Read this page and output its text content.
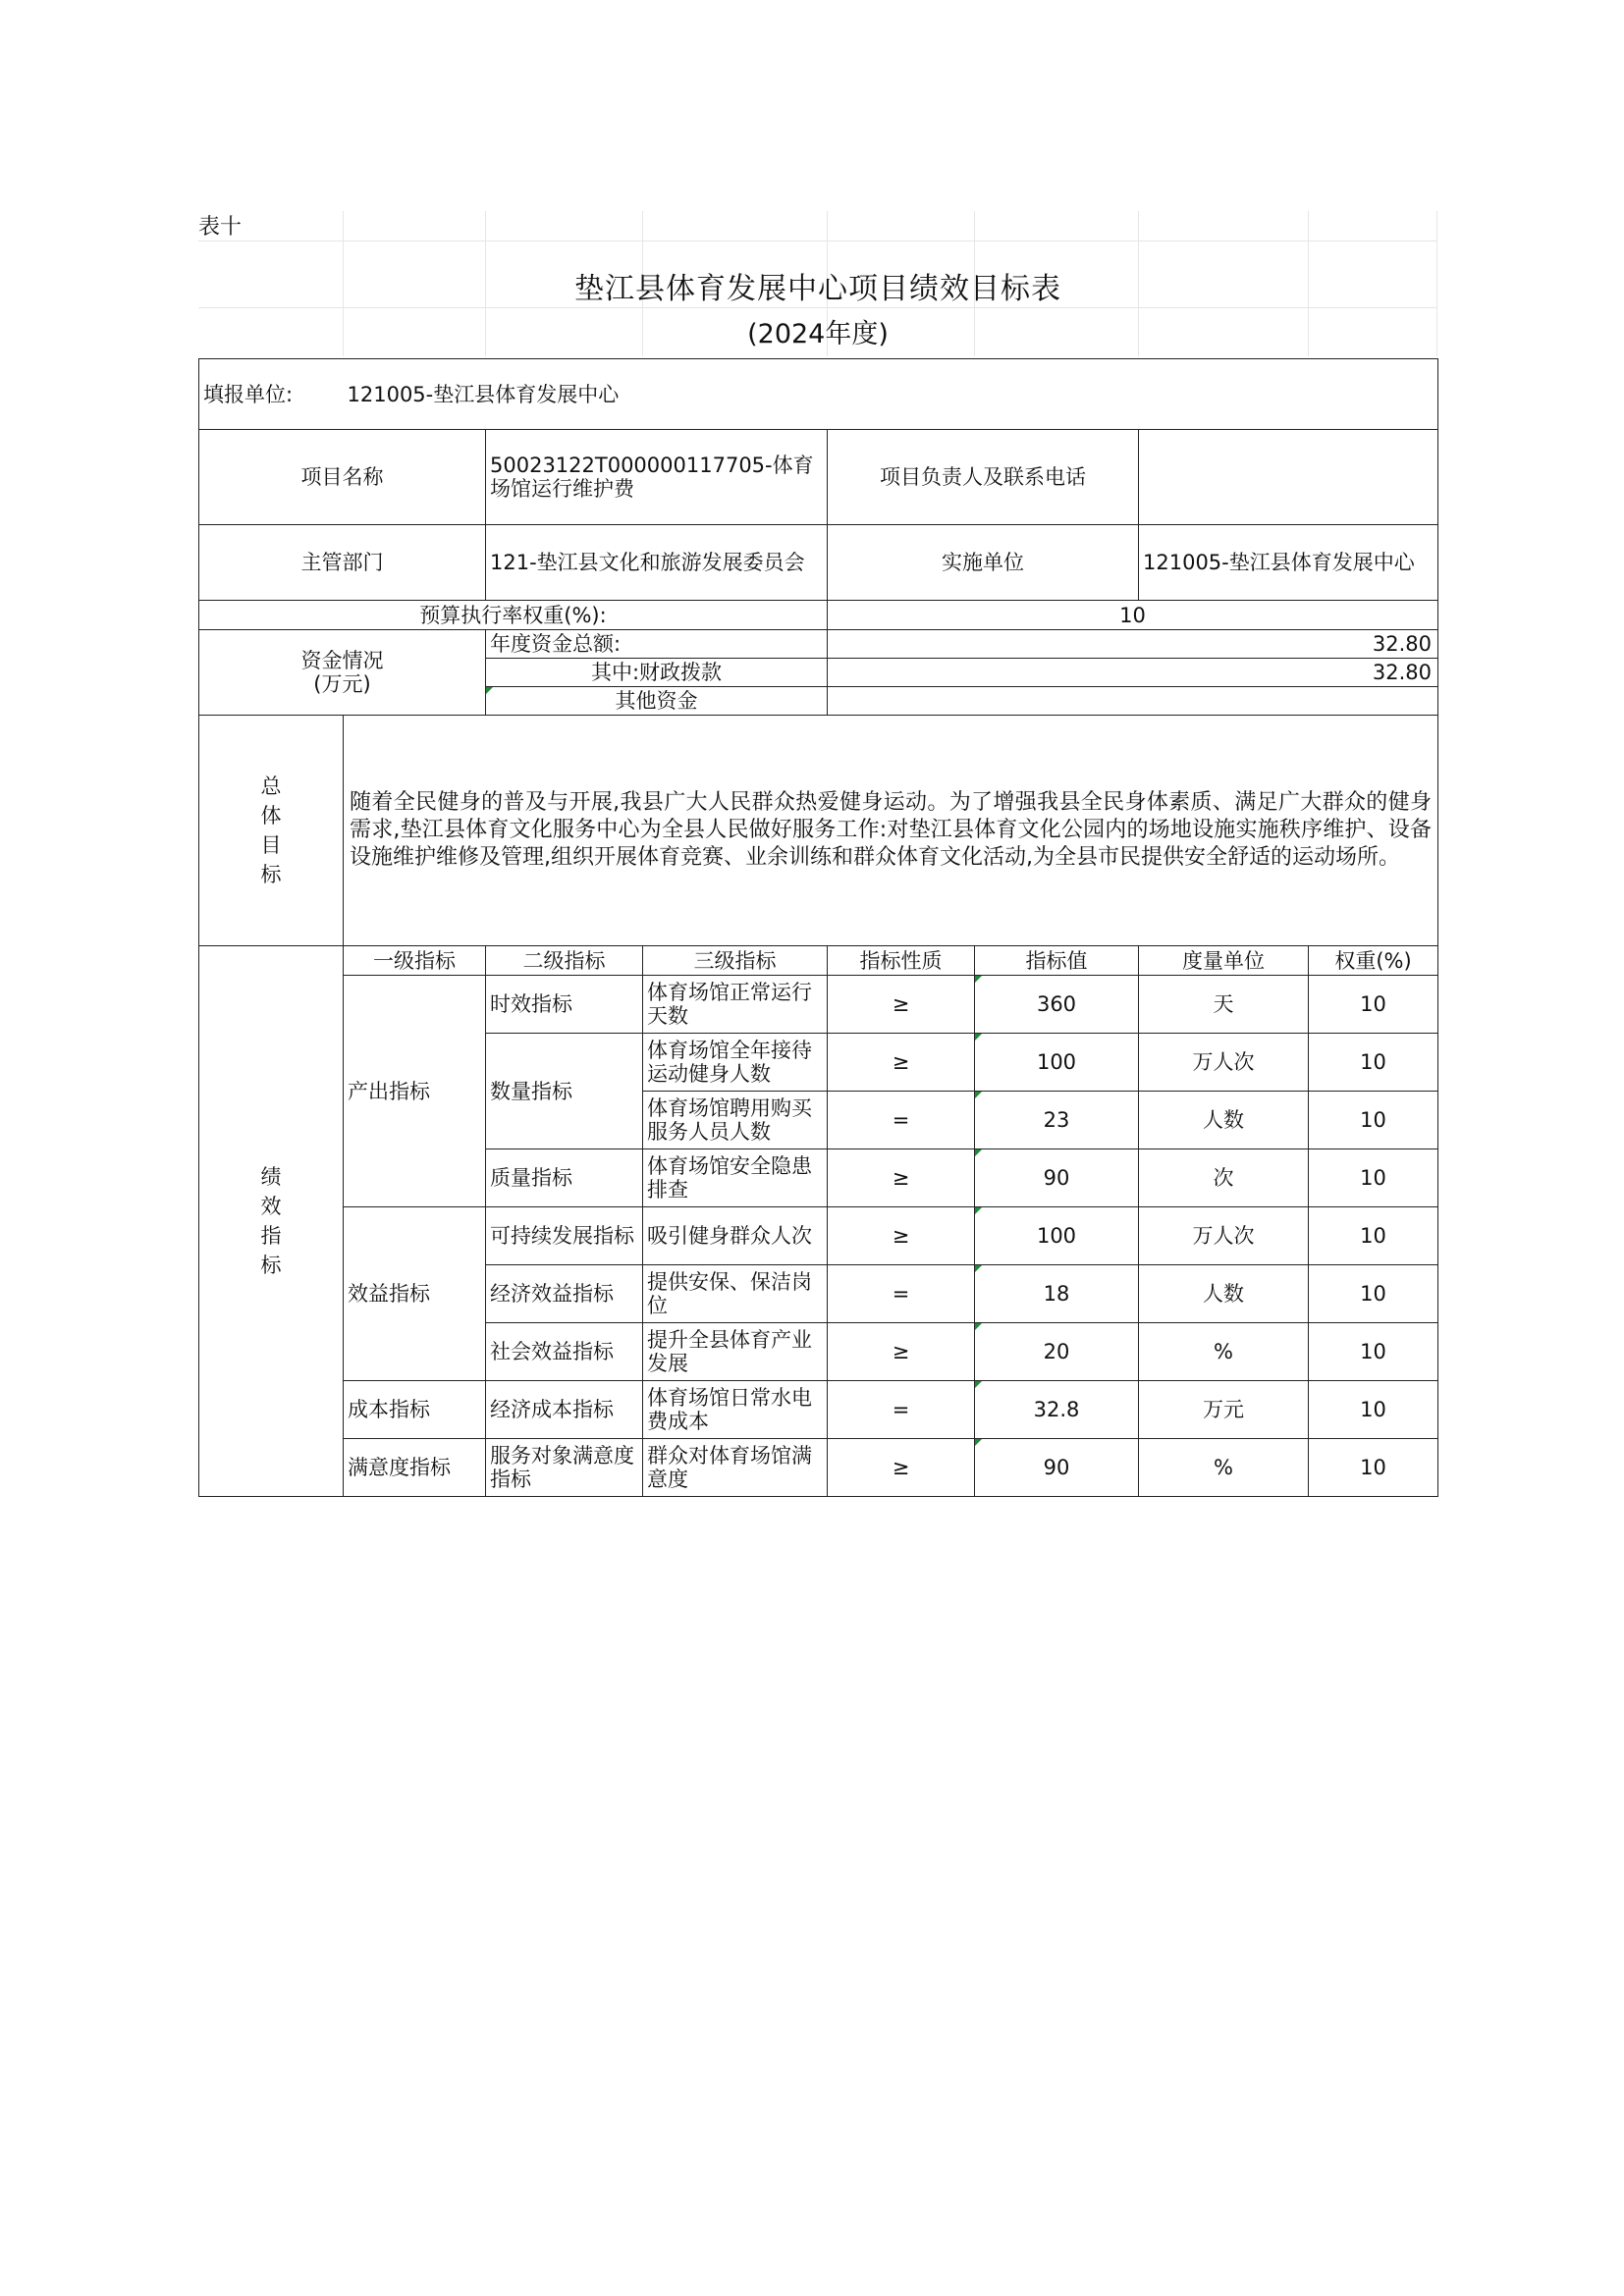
表十
垫江县体育发展中心项目绩效目标表
(2024年度)
填报单位:	121005-垫江县体育发展中心						
项目名称		50023122T000000117705-体育场馆运行维护费		项目负责人及联系电话			
主管部门		121-垫江县文化和旅游发展委员会		实施单位		121005-垫江县体育发展中心	
预算执行率权重(%):				10			

资金情况
(万元)		年度资金总额:		32.80			
		其中:财政拨款		32.80			
		其他资金					

总
体
目
标	随着全民健身的普及与开展,我县广大人民群众热爱健身运动。为了增强我县全民身体素质、满足广大群众的健身需求,垫江县体育文化服务中心为全县人民做好服务工作:对垫江县体育文化公园内的场地设施实施秩序维护、设备设施维护维修及管理,组织开展体育竞赛、业余训练和群众体育文化活动,为全县市民提供安全舒适的运动场所。						

绩
效
指
标	一级指标	二级指标	三级指标	指标性质	指标值	度量单位	权重(%)
	产出指标	时效指标	体育场馆正常运行天数	≥	360	天	10
		数量指标	体育场馆全年接待运动健身人数	≥	100	万人次	10
			体育场馆聘用购买服务人员人数	=	23	人数	10
		质量指标	体育场馆安全隐患排查	≥	90	次	10
	效益指标	可持续发展指标	吸引健身群众人次	≥	100	万人次	10
		经济效益指标	提供安保、保洁岗位	=	18	人数	10
		社会效益指标	提升全县体育产业发展	≥	20	%	10
	成本指标	经济成本指标	体育场馆日常水电费成本	=	32.8	万元	10
	满意度指标	服务对象满意度指标	群众对体育场馆满意度	≥	90	%	10
